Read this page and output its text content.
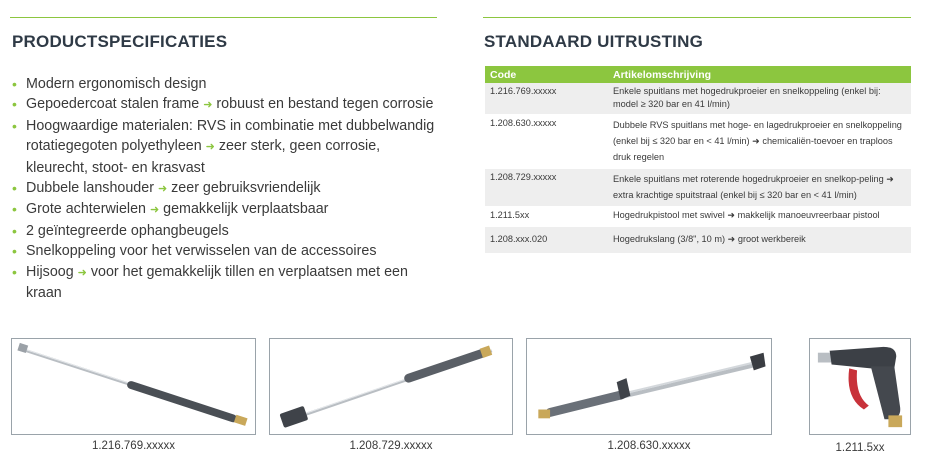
PRODUCTSPECIFICATIES	STANDAARD UITRUSTING
• Modern ergonomisch design
• Gepoedercoat stalen frame ➜ robuust en bestand tegen corrosie
• Hoogwaardige materialen: RVS in combinatie met dubbelwandig rotatiegegoten polyethyleen ➜ zeer sterk, geen corrosie, kleurecht, stoot- en krasvast
• Dubbele lanshouder ➜ zeer gebruiksvriendelijk
• Grote achterwielen ➜ gemakkelijk verplaatsbaar
• 2 geïntegreerde ophangbeugels
• Snelkoppeling voor het verwisselen van de accessoires
• Hijsoog ➜ voor het gemakkelijk tillen en verplaatsen met een kraan
Code	Artikelomschrijving
1.216.769.xxxxx	Enkele spuitlans met hogedrukproeier en snelkoppeling (enkel bij: model ≥ 320 bar en 41 l/min)
1.208.630.xxxxx	Dubbele RVS spuitlans met hoge- en lagedrukproeier en snelkoppeling (enkel bij ≤ 320 bar en < 41 l/min) ➜ chemicaliën-toevoer en traploos druk regelen
1.208.729.xxxxx	Enkele spuitlans met roterende hogedrukproeier en snelkop-peling ➜ extra krachtige spuitstraal (enkel bij ≤ 320 bar en < 41 l/min)
1.211.5xx	Hogedrukpistool met swivel ➜ makkelijk manoeuvreerbaar pistool
1.208.xxx.020	Hogedrukslang (3/8", 10 m) ➜ groot werkbereik
1.216.769.xxxxx	1.208.729.xxxxx	1.208.630.xxxxx	1.211.5xx
